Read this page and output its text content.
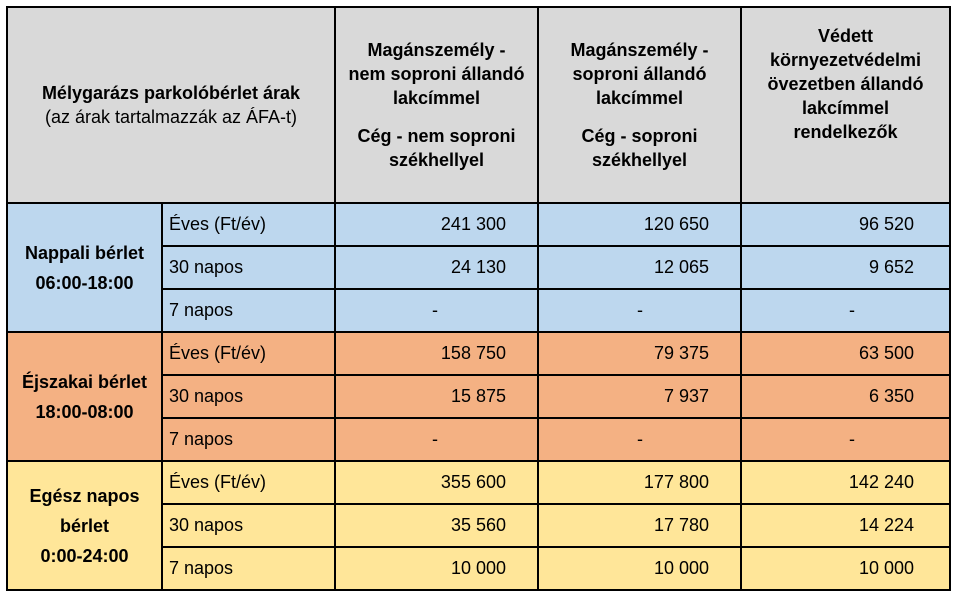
Mélygarázs parkolóbérlet árak
(az árak tartalmazzák az ÁFA-t)		Magánszemély -
nem soproni állandó
lakcímmel
Cég - nem soproni
székhellyel	Magánszemély -
soproni állandó
lakcímmel
Cég - soproni
székhellyel	Védett
környezetvédelmi
övezetben állandó
lakcímmel
rendelkezők

Nappali bérlet
06:00-18:00	Éves (Ft/év)	241 300	120 650	96 520
	30 napos	24 130	12 065	9 652
	7 napos	-	-	-

Éjszakai bérlet
18:00-08:00	Éves (Ft/év)	158 750	79 375	63 500
	30 napos	15 875	7 937	6 350
	7 napos	-	-	-

Egész napos
bérlet
0:00-24:00	Éves (Ft/év)	355 600	177 800	142 240
	30 napos	35 560	17 780	14 224
	7 napos	10 000	10 000	10 000
